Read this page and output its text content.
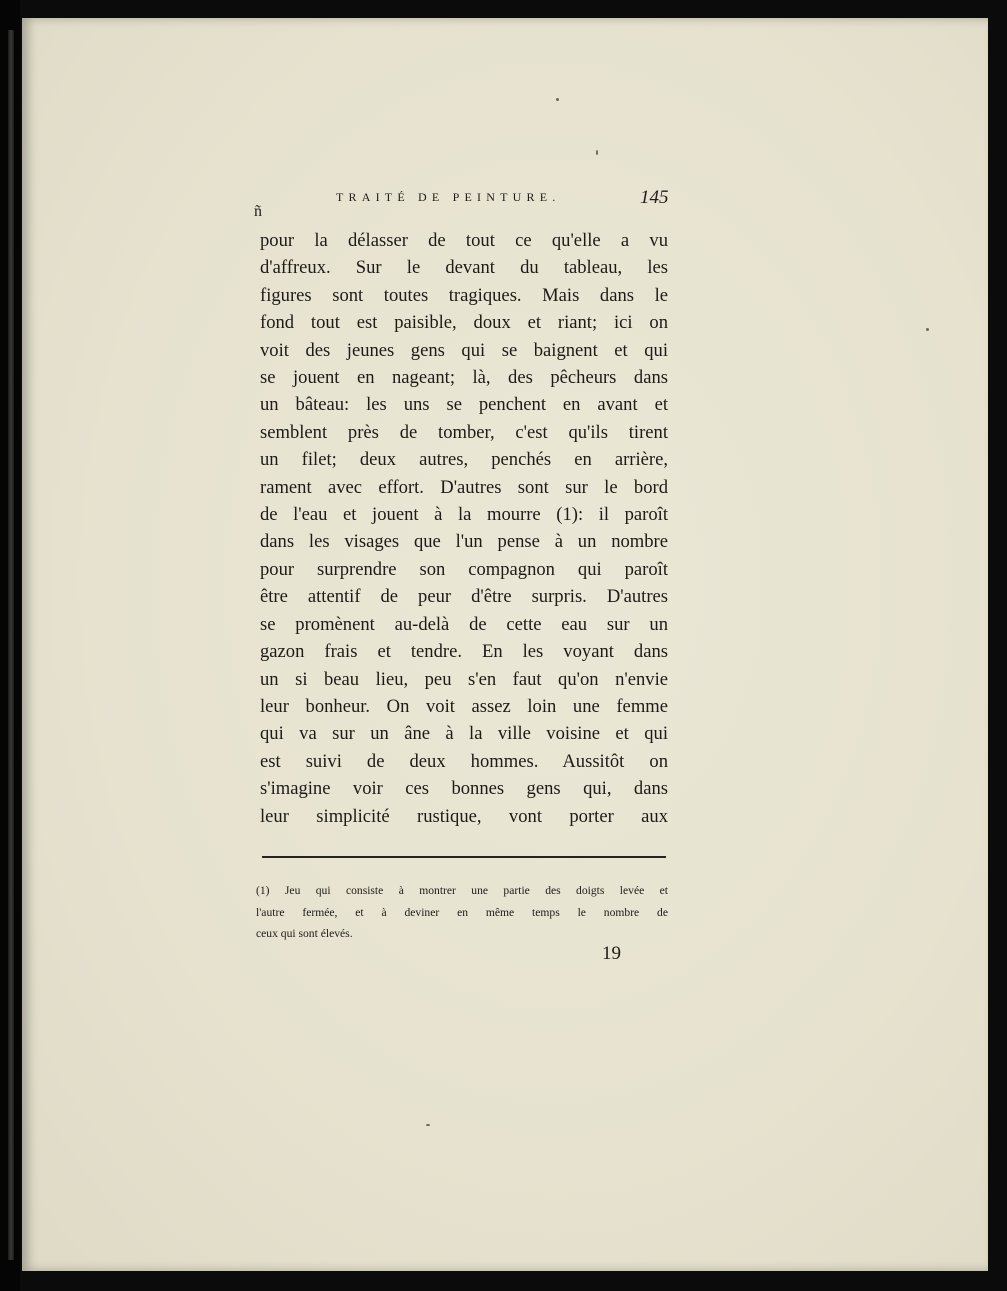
ñ
TRAITÉ DE PEINTURE.	145
pour la délasser de tout ce qu'elle a vu
d'affreux. Sur le devant du tableau, les
figures sont toutes tragiques. Mais dans le
fond tout est paisible, doux et riant; ici on
voit des jeunes gens qui se baignent et qui
se jouent en nageant; là, des pêcheurs dans
un bâteau: les uns se penchent en avant et
semblent près de tomber, c'est qu'ils tirent
un filet; deux autres, penchés en arrière,
rament avec effort. D'autres sont sur le bord
de l'eau et jouent à la mourre (1): il paroît
dans les visages que l'un pense à un nombre
pour surprendre son compagnon qui paroît
être attentif de peur d'être surpris. D'autres
se promènent au-delà de cette eau sur un
gazon frais et tendre. En les voyant dans
un si beau lieu, peu s'en faut qu'on n'envie
leur bonheur. On voit assez loin une femme
qui va sur un âne à la ville voisine et qui
est suivi de deux hommes. Aussitôt on
s'imagine voir ces bonnes gens qui, dans
leur simplicité rustique, vont porter aux
(1) Jeu qui consiste à montrer une partie des doigts levée et
l'autre fermée, et à deviner en même temps le nombre de
ceux qui sont élevés.
19
